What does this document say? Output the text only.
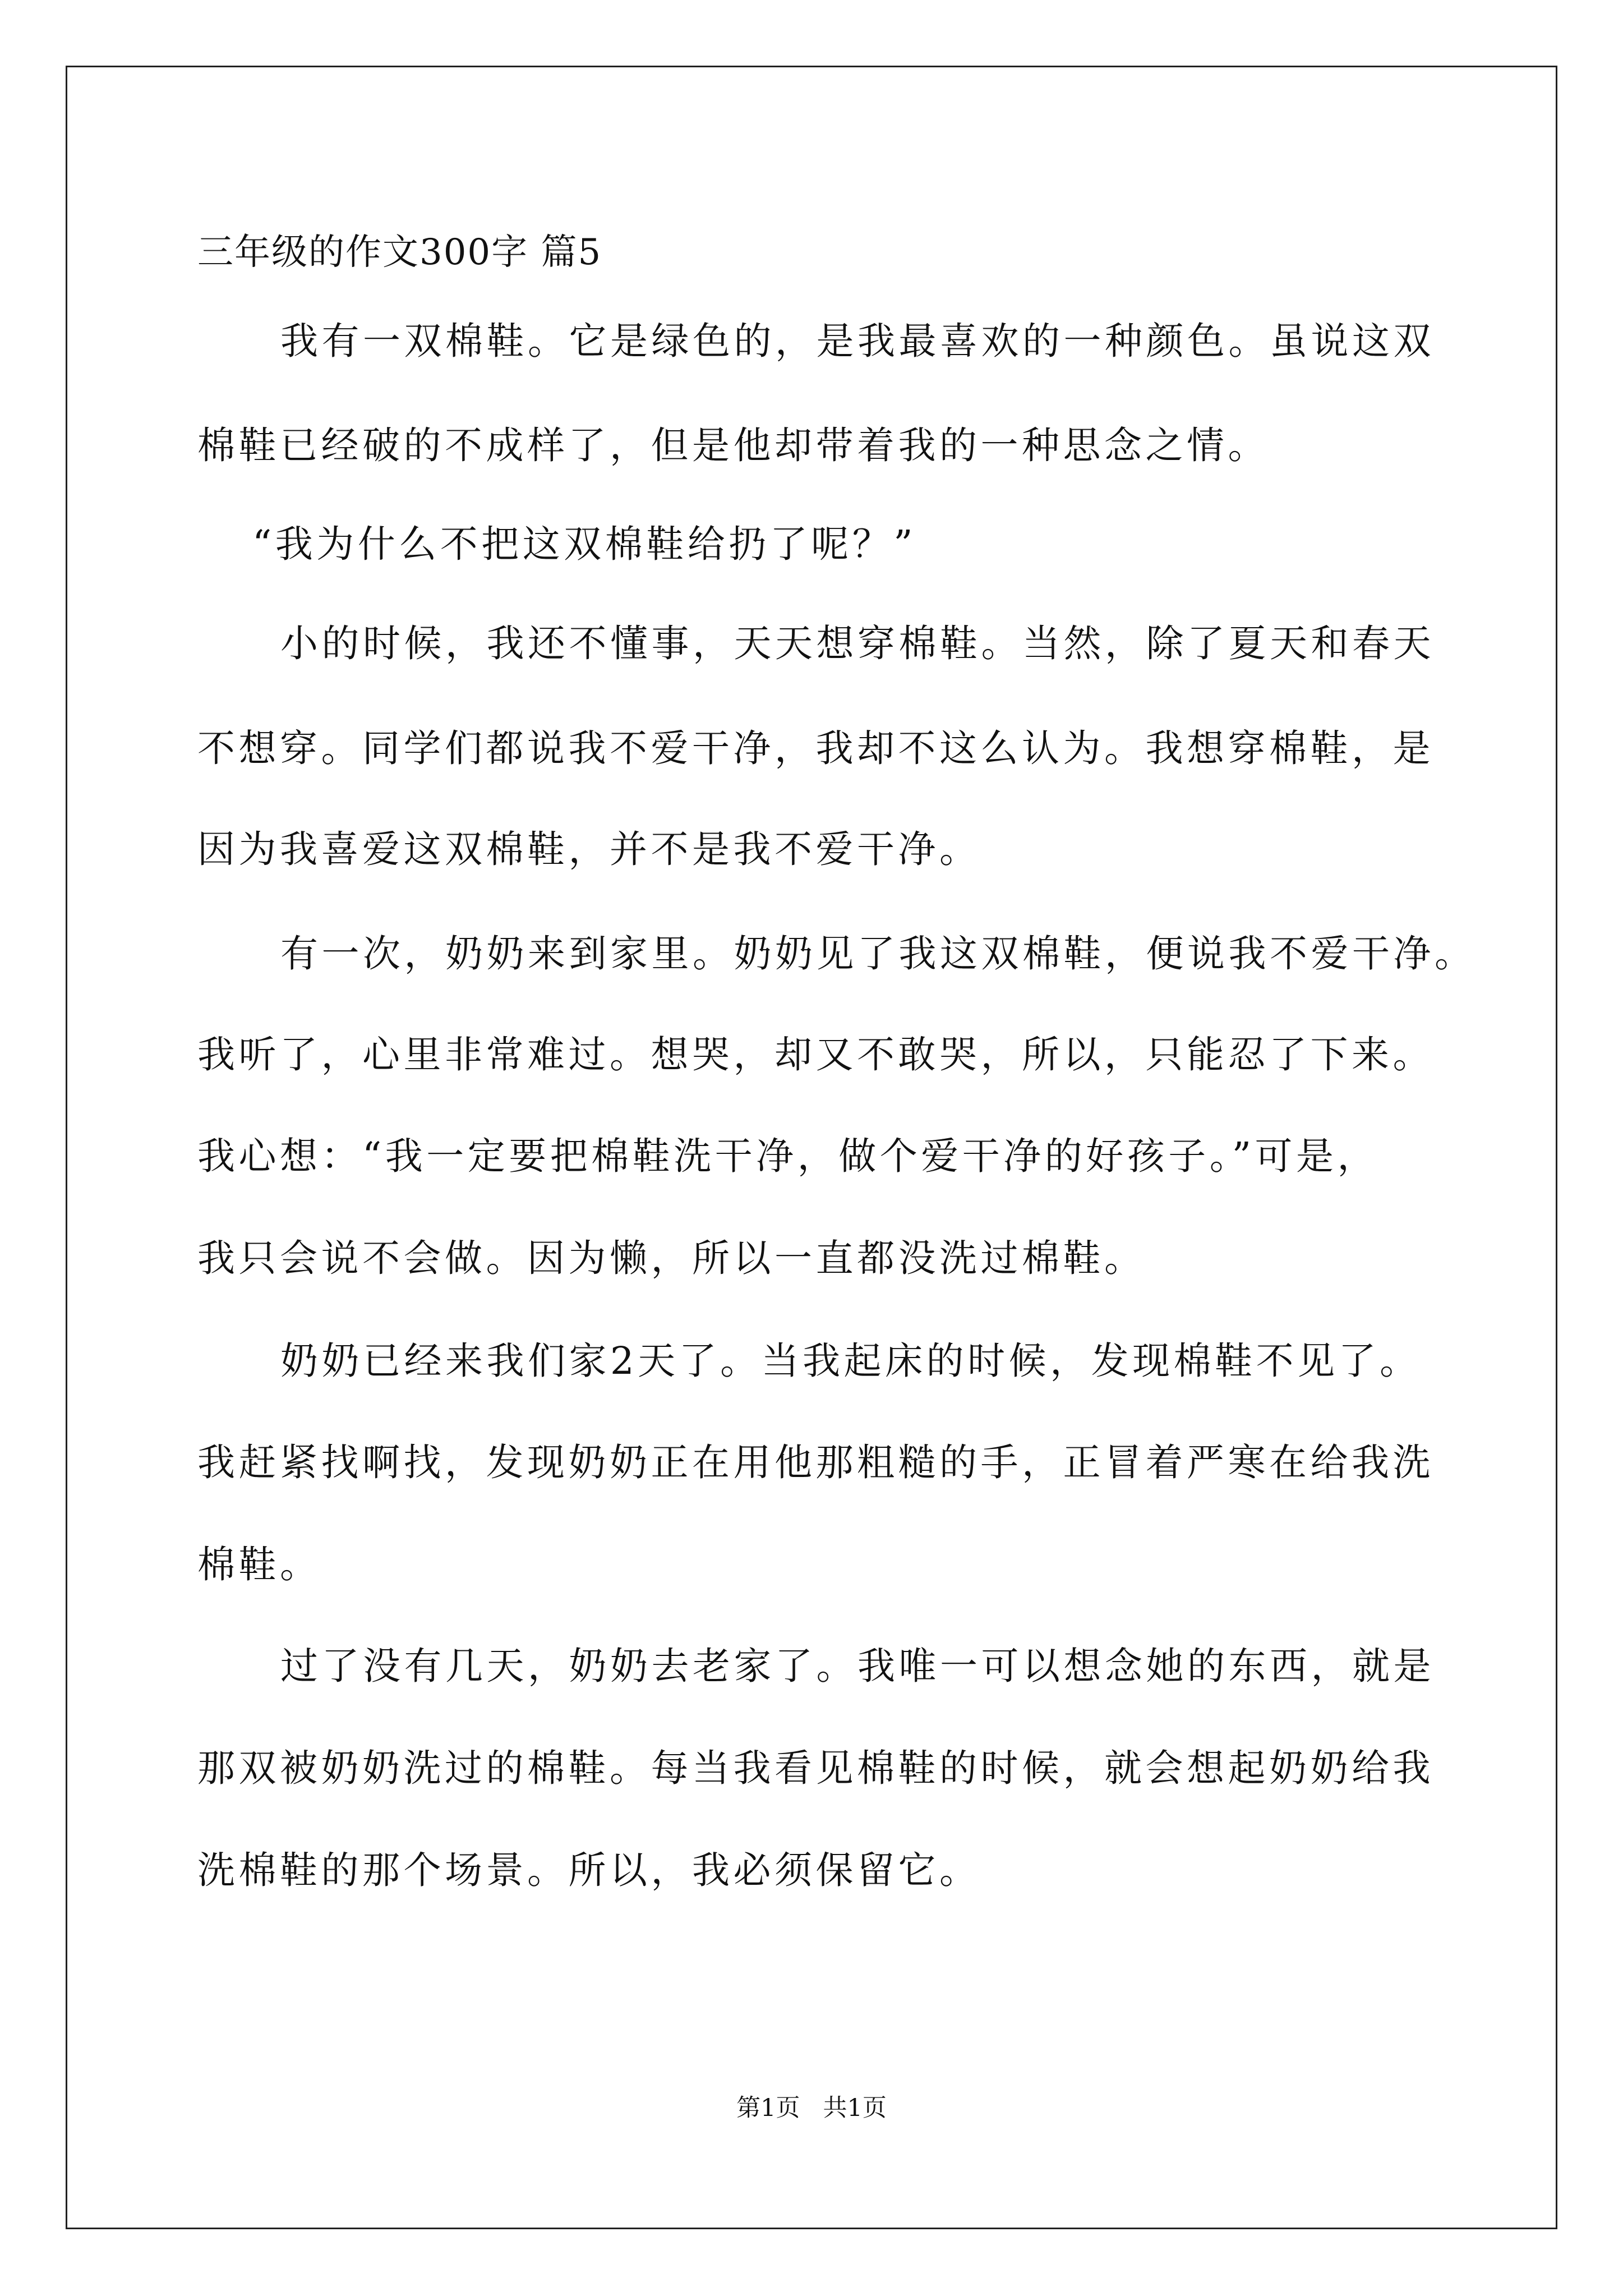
三年级的作文300字 篇5
我有一双棉鞋。它是绿色的，是我最喜欢的一种颜色。虽说这双
棉鞋已经破的不成样了，但是他却带着我的一种思念之情。
“我为什么不把这双棉鞋给扔了呢？”
小的时候，我还不懂事，天天想穿棉鞋。当然，除了夏天和春天
不想穿。同学们都说我不爱干净，我却不这么认为。我想穿棉鞋，是
因为我喜爱这双棉鞋，并不是我不爱干净。
有一次，奶奶来到家里。奶奶见了我这双棉鞋，便说我不爱干净。
我听了，心里非常难过。想哭，却又不敢哭，所以，只能忍了下来。
我心想：“我一定要把棉鞋洗干净，做个爱干净的好孩子。”可是，
我只会说不会做。因为懒，所以一直都没洗过棉鞋。
奶奶已经来我们家2天了。当我起床的时候，发现棉鞋不见了。
我赶紧找啊找，发现奶奶正在用他那粗糙的手，正冒着严寒在给我洗
棉鞋。
过了没有几天，奶奶去老家了。我唯一可以想念她的东西，就是
那双被奶奶洗过的棉鞋。每当我看见棉鞋的时候，就会想起奶奶给我
洗棉鞋的那个场景。所以，我必须保留它。
第1页   共1页
